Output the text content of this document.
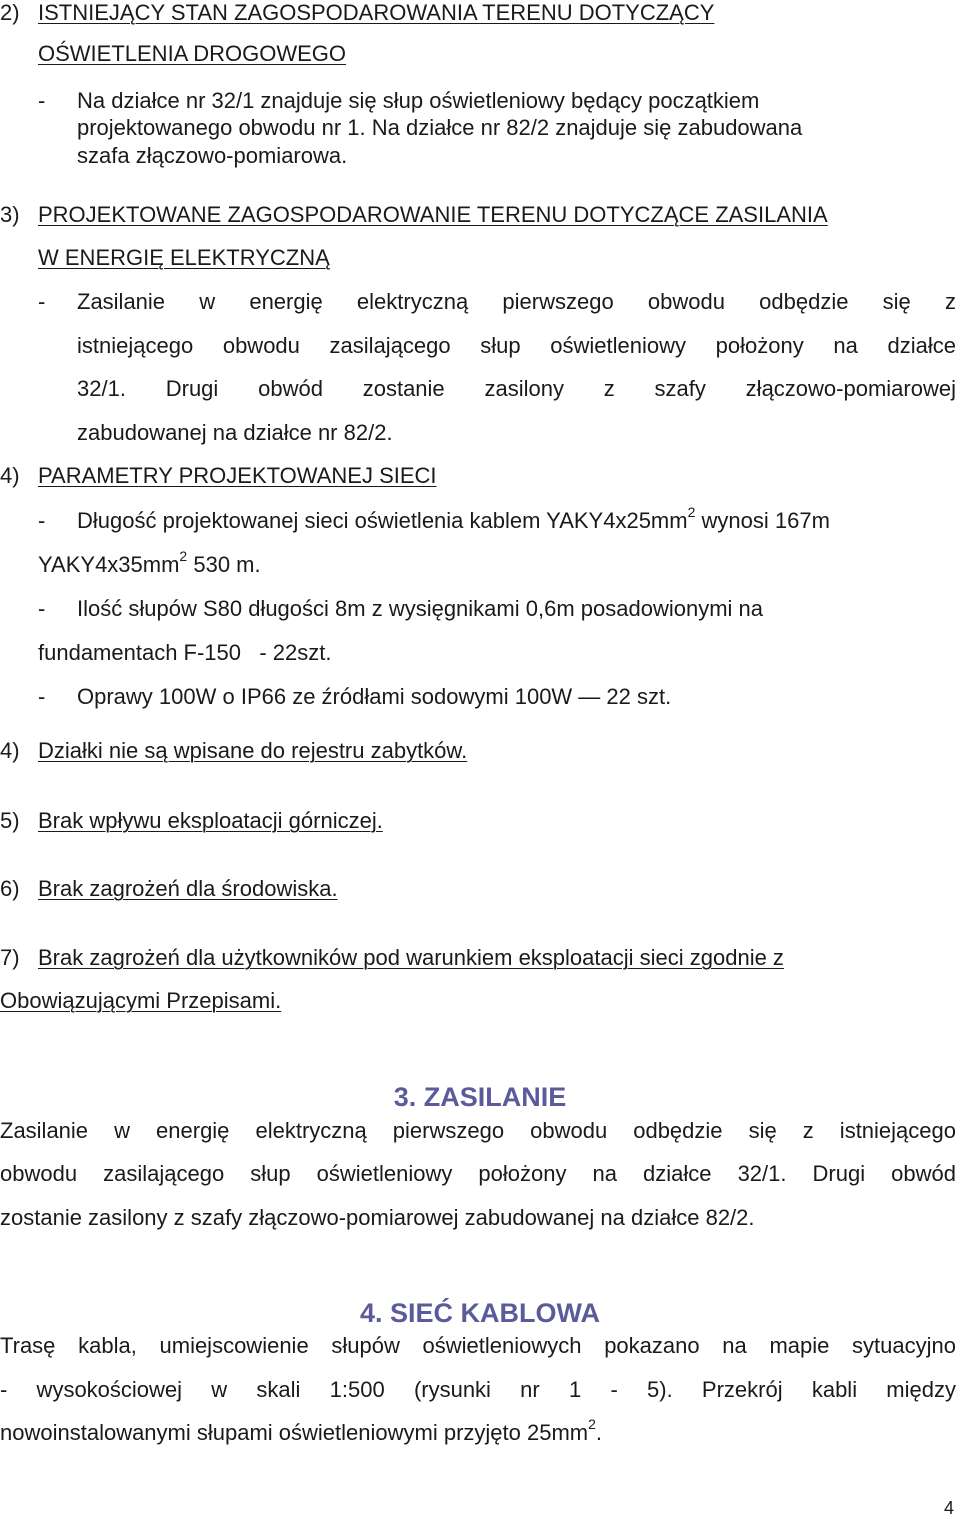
2) ISTNIEJĄCY STAN ZAGOSPODAROWANIA TERENU DOTYCZĄCY
OŚWIETLENIA DROGOWEGO
- Na działce nr 32/1 znajduje się słup oświetleniowy będący początkiem
projektowanego obwodu nr 1. Na działce nr 82/2 znajduje się zabudowana
szafa złączowo-pomiarowa.
3) PROJEKTOWANE ZAGOSPODAROWANIE TERENU DOTYCZĄCE ZASILANIA
W ENERGIĘ ELEKTRYCZNĄ
- Zasilanie w energię elektryczną pierwszego obwodu odbędzie się z
istniejącego obwodu zasilającego słup oświetleniowy położony na działce
32/1. Drugi obwód zostanie zasilony z szafy złączowo-pomiarowej
zabudowanej na działce nr 82/2.
4) PARAMETRY PROJEKTOWANEJ SIECI
- Długość projektowanej sieci oświetlenia kablem $YAKY4x25mm^2$ wynosi 167m
$YAKY4x35mm^2$ 530 m.
- Ilość słupów S80 długości 8m z wysięgnikami 0,6m posadowionymi na
fundamentach F-150   - 22szt.
- Oprawy 100W o IP66 ze źródłami sodowymi 100W — 22 szt.
4) Działki nie są wpisane do rejestru zabytków.
5) Brak wpływu eksploatacji górniczej.
6) Brak zagrożeń dla środowiska.
7) Brak zagrożeń dla użytkowników pod warunkiem eksploatacji sieci zgodnie z
Obowiązującymi Przepisami.
3. ZASILANIE
Zasilanie w energię elektryczną pierwszego obwodu odbędzie się z istniejącego
obwodu zasilającego słup oświetleniowy położony na działce 32/1. Drugi obwód
zostanie zasilony z szafy złączowo-pomiarowej zabudowanej na działce 82/2.
4. SIEĆ KABLOWA
Trasę kabla, umiejscowienie słupów oświetleniowych pokazano na mapie sytuacyjno
- wysokościowej w skali 1:500 (rysunki nr 1 - 5). Przekrój kabli między
nowoinstalowanymi słupami oświetleniowymi przyjęto $25mm^2$.
4
